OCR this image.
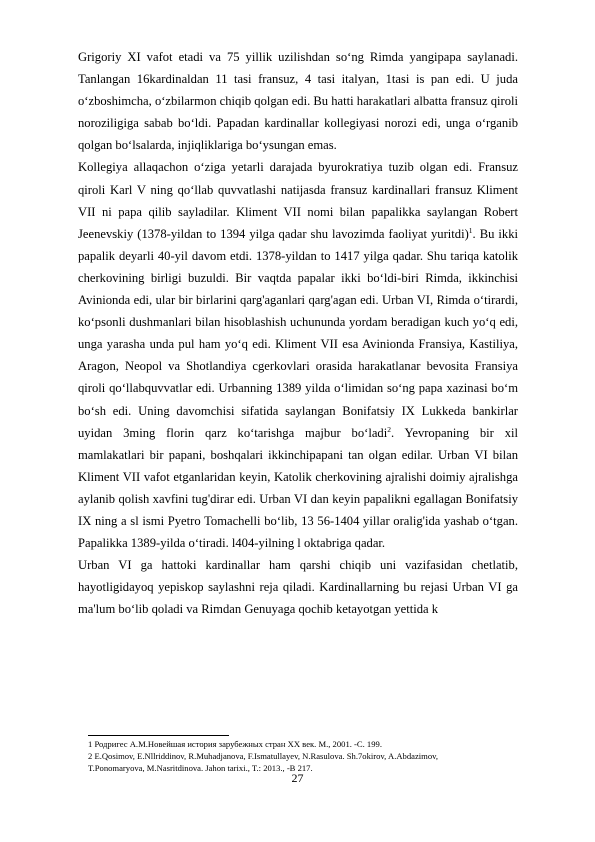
Grigoriy XI vafot etadi va 75 yillik uzilishdan so‘ng Rimda yangipapa saylanadi. Tanlangan 16kardinaldan 11 tasi fransuz, 4 tasi italyan, 1tasi is pan edi. U juda o‘zboshimcha, o‘zbilarmon chiqib qolgan edi. Bu hatti harakatlari albatta fransuz qiroli noroziligiga sabab bo‘ldi. Papadan kardinallar kollegiyasi norozi edi, unga o‘rganib qolgan bo‘lsalarda, injiqliklariga bo‘ysungan emas.

Kollegiya allaqachon o‘ziga yetarli darajada byurokratiya tuzib olgan edi. Fransuz qiroli Karl V ning qo‘llab quvvatlashi natijasda fransuz kardinallari fransuz Kliment VII ni papa qilib sayladilar. Kliment VII nomi bilan papalikka saylangan Robert Jeenevskiy (1378-yildan to 1394 yilga qadar shu lavozimda faoliyat yuritdi)$^1$. Bu ikki papalik deyarli 40-yil davom etdi. 1378-yildan to 1417 yilga qadar. Shu tariqa katolik cherkovining birligi buzuldi. Bir vaqtda papalar ikki bo‘ldi-biri Rimda, ikkinchisi Avinionda edi, ular bir birlarini qarg'aganlari qarg'agan edi. Urban VI, Rimda o‘tirardi, ko‘psonli dushmanlari bilan hisoblashish uchununda yordam beradigan kuch yo‘q edi, unga yarasha unda pul ham yo‘q edi. Kliment VII esa Avinionda Fransiya, Kastiliya, Aragon, Neopol va Shotlandiya cgerkovlari orasida harakatlanar bevosita Fransiya qiroli qo‘llabquvvatlar edi. Urbanning 1389 yilda o‘limidan so‘ng papa xazinasi bo‘m bo‘sh edi. Uning davomchisi sifatida saylangan Bonifatsiy IX Lukkeda bankirlar uyidan 3ming florin qarz ko‘tarishga majbur bo‘ladi$^2$. Yevropaning bir xil mamlakatlari bir papani, boshqalari ikkinchipapani tan olgan edilar. Urban VI bilan Kliment VII vafot etganlaridan keyin, Katolik cherkovining ajralishi doimiy ajralishga aylanib qolish xavfini tug'dirar edi. Urban VI dan keyin papalikni egallagan Bonifatsiy IX ning a sl ismi Pyetro Tomachelli bo‘lib, 13 56-1404 yillar oralig'ida yashab o‘tgan. Papalikka 1389-yilda o‘tiradi. l404-yilning l oktabriga qadar.

Urban VI ga hattoki kardinallar ham qarshi chiqib uni vazifasidan chetlatib, hayotligidayoq yepiskop saylashni reja qiladi. Kardinallarning bu rejasi Urban VI ga ma'lum bo‘lib qoladi va Rimdan Genuyaga qochib ketayotgan yettida k

1 Родригес А.М.Новейшая история зарубежных стран XX век. М., 2001. -С. 199.

2 E.Qosimov, E.Nllriddinov, R.Muhadjanova, F.Ismatullayev, N.Rasulova. Sh.7okirov, A.Abdazimov,

T.Ponomaryova, M.Nasritdinova. Jahon tarixi., T.: 2013., -B 217.

27
